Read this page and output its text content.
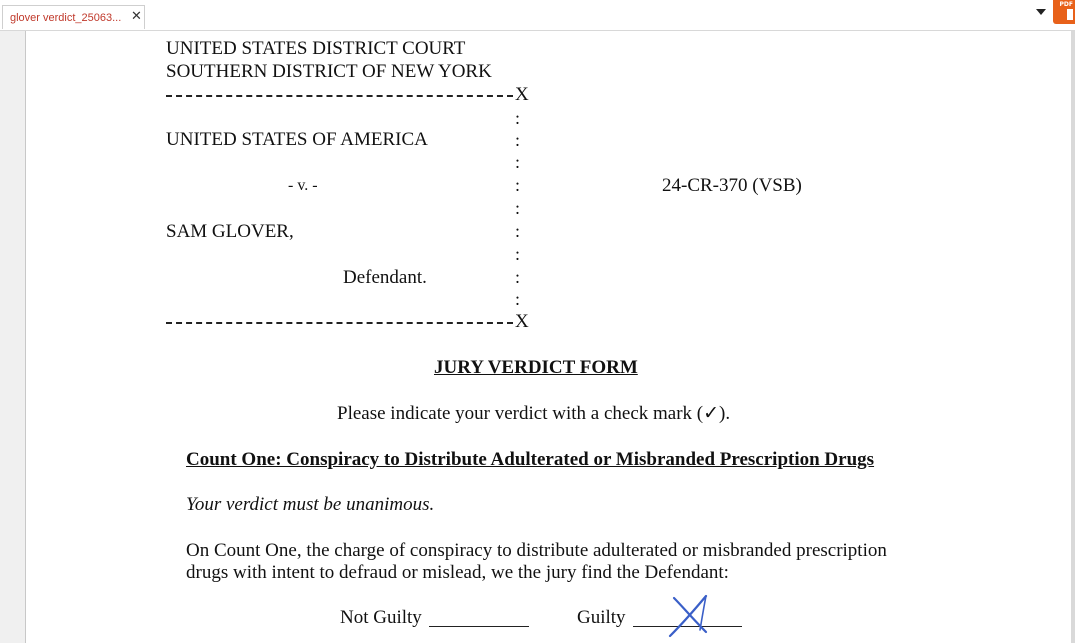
glover verdict_25063... ✕
PDF
UNITED STATES DISTRICT COURT
SOUTHERN DISTRICT OF NEW YORK
X
:
:
:
:
:
:
:
:
:
UNITED STATES OF AMERICA
- v. -	24-CR-370 (VSB)
SAM GLOVER,
Defendant.
X
JURY VERDICT FORM
Please indicate your verdict with a check mark (✓).
Count One: Conspiracy to Distribute Adulterated or Misbranded Prescription Drugs
Your verdict must be unanimous.
On Count One, the charge of conspiracy to distribute adulterated or misbranded prescription
drugs with intent to defraud or mislead, we the jury find the Defendant:
Not Guilty	Guilty
